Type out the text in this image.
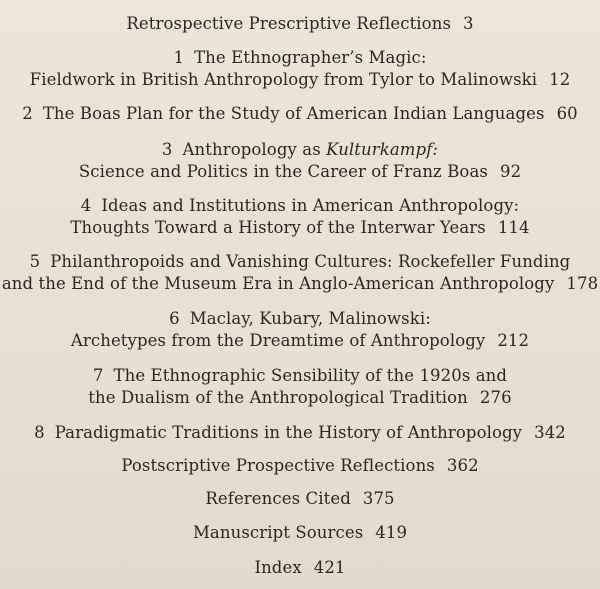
Retrospective Prescriptive Reflections 3
1 The Ethnographer’s Magic:
Fieldwork in British Anthropology from Tylor to Malinowski 12
2 The Boas Plan for the Study of American Indian Languages 60
3 Anthropology as Kulturkampf:
Science and Politics in the Career of Franz Boas 92
4 Ideas and Institutions in American Anthropology:
Thoughts Toward a History of the Interwar Years 114
5 Philanthropoids and Vanishing Cultures: Rockefeller Funding
and the End of the Museum Era in Anglo-American Anthropology 178
6 Maclay, Kubary, Malinowski:
Archetypes from the Dreamtime of Anthropology 212
7 The Ethnographic Sensibility of the 1920s and
the Dualism of the Anthropological Tradition 276
8 Paradigmatic Traditions in the History of Anthropology 342
Postscriptive Prospective Reflections 362
References Cited 375
Manuscript Sources 419
Index 421
